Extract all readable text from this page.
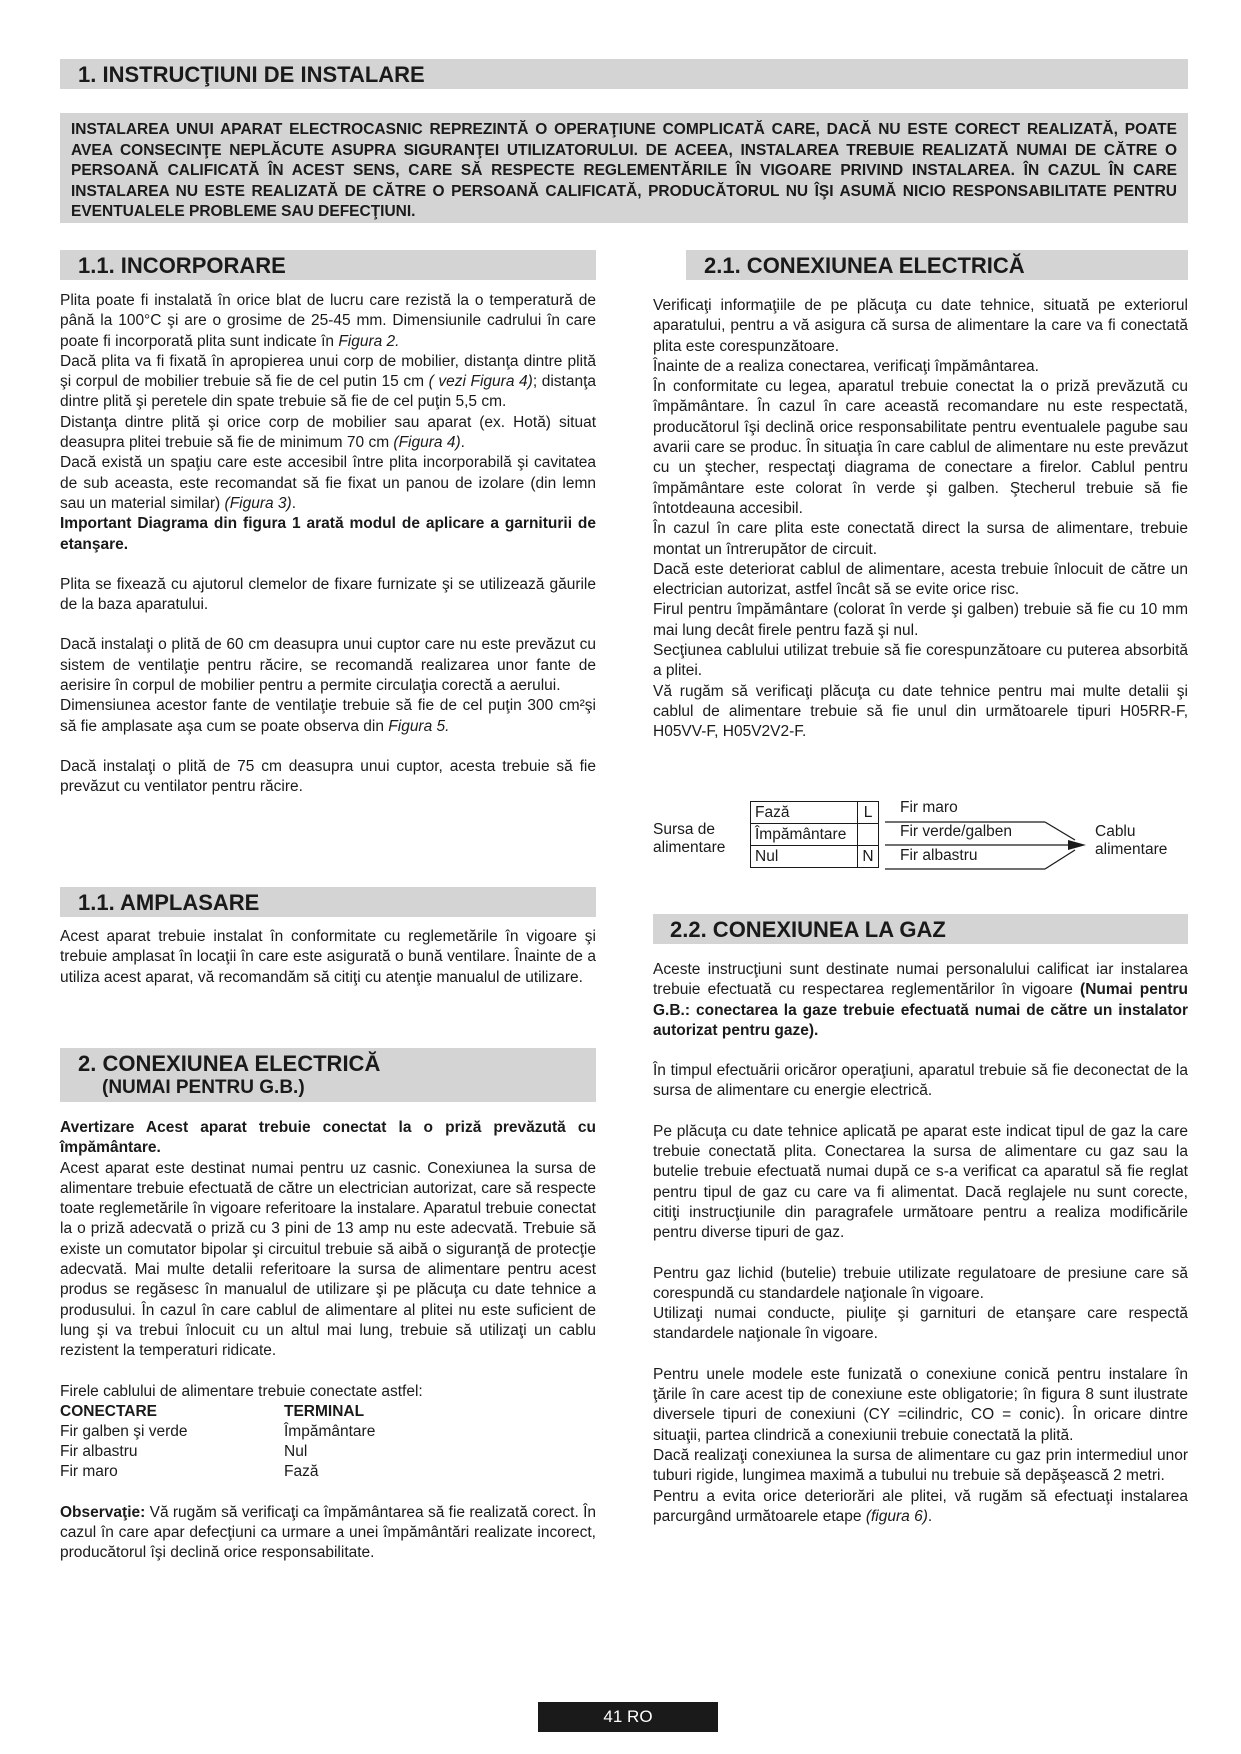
1. INSTRUCŢIUNI DE INSTALARE
INSTALAREA UNUI APARAT ELECTROCASNIC REPREZINTĂ O OPERAŢIUNE COMPLICATĂ CARE, DACĂ NU ESTE CORECT REALIZATĂ, POATE AVEA CONSECINŢE NEPLĂCUTE ASUPRA SIGURANŢEI UTILIZATORULUI. DE ACEEA, INSTALAREA TREBUIE REALIZATĂ NUMAI DE CĂTRE O PERSOANĂ CALIFICATĂ ÎN ACEST SENS, CARE SĂ RESPECTE REGLEMENTĂRILE ÎN VIGOARE PRIVIND INSTALAREA. ÎN CAZUL ÎN CARE INSTALAREA NU ESTE REALIZATĂ DE CĂTRE O PERSOANĂ CALIFICATĂ, PRODUCĂTORUL NU ÎŞI ASUMĂ NICIO RESPONSABILITATE PENTRU EVENTUALELE PROBLEME SAU DEFECŢIUNI.
1.1. INCORPORARE

Plita poate fi instalată în orice blat de lucru care rezistă la o temperatură de până la 100°C şi are o grosime de 25-45 mm. Dimensiunile cadrului în care poate fi incorporată plita sunt indicate în Figura 2.

Dacă plita va fi fixată în apropierea unui corp de mobilier, distanţa dintre plită şi corpul de mobilier trebuie să fie de cel putin 15 cm ( vezi Figura 4); distanţa dintre plită şi peretele din spate trebuie să fie de cel puţin 5,5 cm.

Distanţa dintre plită şi orice corp de mobilier sau aparat (ex. Hotă) situat deasupra plitei trebuie să fie de minimum 70 cm (Figura 4).

Dacă există un spaţiu care este accesibil între plita incorporabilă şi cavitatea de sub aceasta, este recomandat să fie fixat un panou de izolare (din lemn sau un material similar) (Figura 3).

Important Diagrama din figura 1 arată modul de aplicare a garniturii de etanşare.

Plita se fixează cu ajutorul clemelor de fixare furnizate şi se utilizează găurile de la baza aparatului.

Dacă instalaţi o plită de 60 cm deasupra unui cuptor care nu este prevăzut cu sistem de ventilaţie pentru răcire, se recomandă realizarea unor fante de aerisire în corpul de mobilier pentru a permite circulaţia corectă a aerului.

Dimensiunea acestor fante de ventilaţie trebuie să fie de cel puţin 300 cm²şi să fie amplasate aşa cum se poate observa din Figura 5.

Dacă instalaţi o plită de 75 cm deasupra unui cuptor, acesta trebuie să fie prevăzut cu ventilator pentru răcire.

1.1. AMPLASARE

Acest aparat trebuie instalat în conformitate cu reglemetările în vigoare şi trebuie amplasat în locaţii în care este asigurată o bună ventilare. Înainte de a utiliza acest aparat, vă recomandăm să citiţi cu atenţie manualul de utilizare.

2. CONEXIUNEA ELECTRICĂ
(NUMAI PENTRU G.B.)

Avertizare Acest aparat trebuie conectat la o priză prevăzută cu împământare.

Acest aparat este destinat numai pentru uz casnic. Conexiunea la sursa de alimentare trebuie efectuată de către un electrician autorizat, care să respecte toate reglemetările în vigoare referitoare la instalare. Aparatul trebuie conectat la o priză adecvată o priză cu 3 pini de 13 amp nu este adecvată. Trebuie să existe un comutator bipolar şi circuitul trebuie să aibă o siguranţă de protecţie adecvată. Mai multe detalii referitoare la sursa de alimentare pentru acest produs se regăsesc în manualul de utilizare şi pe plăcuţa cu date tehnice a produsului. În cazul în care cablul de alimentare al plitei nu este suficient de lung şi va trebui înlocuit cu un altul mai lung, trebuie să utilizaţi un cablu rezistent la temperaturi ridicate.

Firele cablului de alimentare trebuie conectate astfel:

CONECTARE	TERMINAL
Fir galben şi verde	Împământare
Fir albastru	Nul
Fir maro	Fază

Observaţie: Vă rugăm să verificaţi ca împământarea să fie realizată corect. În cazul în care apar defecţiuni ca urmare a unei împământări realizate incorect, producătorul îşi declină orice responsabilitate.

2.1. CONEXIUNEA ELECTRICĂ

Verificaţi informaţiile de pe plăcuţa cu date tehnice, situată pe exteriorul aparatului, pentru a vă asigura că sursa de alimentare la care va fi conectată plita este corespunzătoare.

Înainte de a realiza conectarea, verificaţi împământarea.

În conformitate cu legea, aparatul trebuie conectat la o priză prevăzută cu împământare. În cazul în care această recomandare nu este respectată, producătorul îşi declină orice responsabilitate pentru eventualele pagube sau avarii care se produc. În situaţia în care cablul de alimentare nu este prevăzut cu un ştecher, respectaţi diagrama de conectare a firelor. Cablul pentru împământare este colorat în verde şi galben. Ştecherul trebuie să fie întotdeauna accesibil.

În cazul în care plita este conectată direct la sursa de alimentare, trebuie montat un întrerupător de circuit.

Dacă este deteriorat cablul de alimentare, acesta trebuie înlocuit de către un electrician autorizat, astfel încât să se evite orice risc.

Firul pentru împământare (colorat în verde şi galben) trebuie să fie cu 10 mm mai lung decât firele pentru fază şi nul.

Secţiunea cablului utilizat trebuie să fie corespunzătoare cu puterea absorbită a plitei.

Vă rugăm să verificaţi plăcuţa cu date tehnice pentru mai multe detalii şi cablul de alimentare trebuie să fie unul din următoarele tipuri H05RR-F, H05VV-F, H05V2V2-F.

Sursa de alimentare
Fază	L
Împământare	
Nul	N
Fir maro
Fir verde/galben
Fir albastru
Cablu alimentare
2.2. CONEXIUNEA LA GAZ

Aceste instrucţiuni sunt destinate numai personalului calificat iar instalarea trebuie efectuată cu respectarea reglementărilor în vigoare (Numai pentru G.B.: conectarea la gaze trebuie efectuată numai de către un instalator autorizat pentru gaze).

În timpul efectuării oricăror operaţiuni, aparatul trebuie să fie deconectat de la sursa de alimentare cu energie electrică.

Pe plăcuţa cu date tehnice aplicată pe aparat este indicat tipul de gaz la care trebuie conectată plita. Conectarea la sursa de alimentare cu gaz sau la butelie trebuie efectuată numai după ce s-a verificat ca aparatul să fie reglat pentru tipul de gaz cu care va fi alimentat. Dacă reglajele nu sunt corecte, citiţi instrucţiunile din paragrafele următoare pentru a realiza modificările pentru diverse tipuri de gaz.

Pentru gaz lichid (butelie) trebuie utilizate regulatoare de presiune care să corespundă cu standardele naţionale în vigoare.

Utilizaţi numai conducte, piuliţe şi garnituri de etanşare care respectă standardele naţionale în vigoare.

Pentru unele modele este funizată o conexiune conică pentru instalare în ţările în care acest tip de conexiune este obligatorie; în figura 8 sunt ilustrate diversele tipuri de conexiuni (CY =cilindric, CO = conic). În oricare dintre situaţii, partea clindrică a conexiunii trebuie conectată la plită.

Dacă realizaţi conexiunea la sursa de alimentare cu gaz prin intermediul unor tuburi rigide, lungimea maximă a tubului nu trebuie să depăşească 2 metri.

Pentru a evita orice deteriorări ale plitei, vă rugăm să efectuaţi instalarea parcurgând următoarele etape (figura 6).

41 RO
